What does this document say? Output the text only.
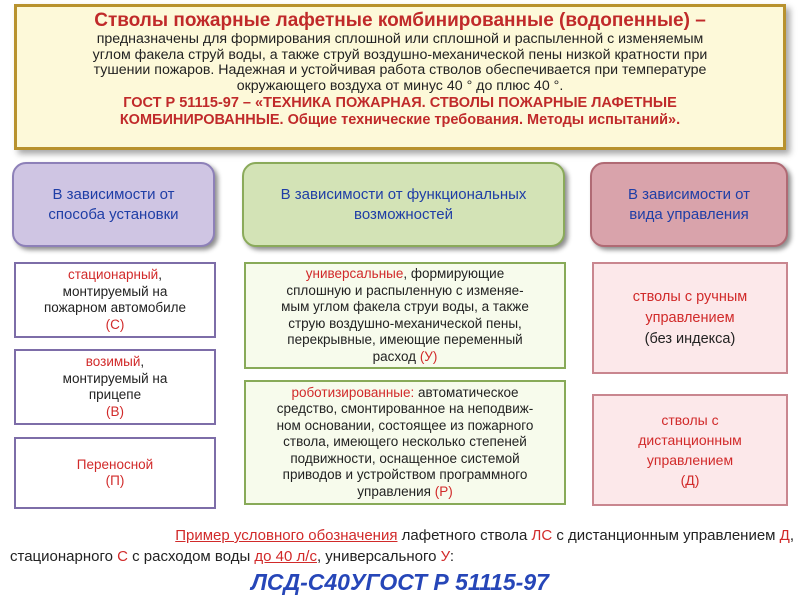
Стволы пожарные лафетные комбинированные (водопенные) –
предназначены для формирования сплошной или сплошной и распыленной с изменяемым
углом факела струй воды, а также струй воздушно-механической пены низкой кратности при
тушении пожаров. Надежная и устойчивая работа стволов обеспечивается при температуре
окружающего воздуха от минус 40 ° до плюс 40 °.
ГОСТ Р 51115-97 – «ТЕХНИКА ПОЖАРНАЯ. СТВОЛЫ ПОЖАРНЫЕ ЛАФЕТНЫЕ
КОМБИНИРОВАННЫЕ. Общие технические требования. Методы испытаний».
В зависимости от
способа установки
В зависимости от функциональных
возможностей
В зависимости от
вида управления
стационарный,
монтируемый на
пожарном автомобиле
(С)
возимый,
монтируемый на
прицепе
(В)
Переносной
(П)
универсальные, формирующие
сплошную и распыленную с изменяе-
мым углом факела струи воды, а также
струю воздушно-механической пены,
перекрывные, имеющие переменный
расход (У)
роботизированные: автоматическое
средство, смонтированное на неподвиж-
ном основании, состоящее из пожарного
ствола, имеющего несколько степеней
подвижности, оснащенное системой
приводов и устройством программного
управления (Р)
стволы с ручным
управлением
(без индекса)
стволы с
дистанционным
управлением
(Д)
Пример условного обозначения лафетного ствола ЛС с дистанционным управлением Д,
стационарного С с расходом воды до 40 л/с, универсального У:
ЛСД-С40УГОСТ Р 51115-97
